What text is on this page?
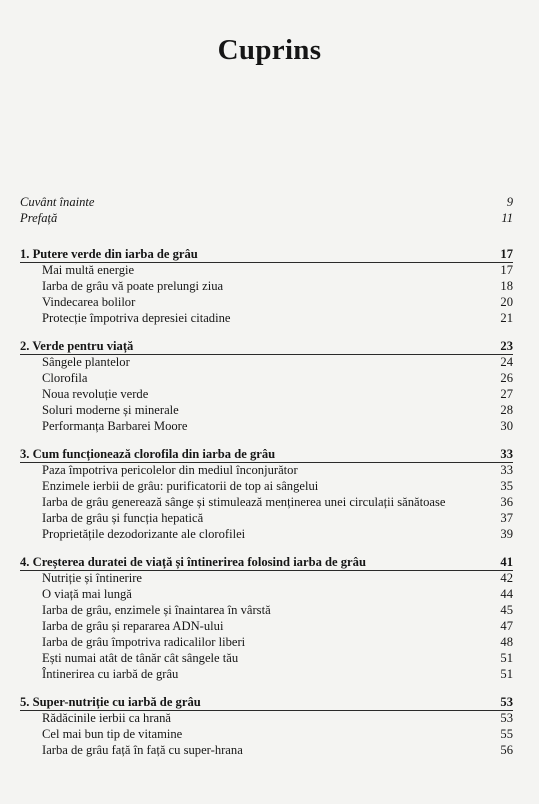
Cuprins
Cuvânt înainte	9
Prefață	11
1. Putere verde din iarba de grâu	17
Mai multă energie	17
Iarba de grâu vă poate prelungi ziua	18
Vindecarea bolilor	20
Protecție împotriva depresiei citadine	21
2. Verde pentru viață	23
Sângele plantelor	24
Clorofila	26
Noua revoluție verde	27
Soluri moderne și minerale	28
Performanța Barbarei Moore	30
3. Cum funcționează clorofila din iarba de grâu	33
Paza împotriva pericolelor din mediul înconjurător	33
Enzimele ierbii de grâu: purificatorii de top ai sângelui	35
Iarba de grâu generează sânge și stimulează menținerea unei circulații sănătoase	36
Iarba de grâu și funcția hepatică	37
Proprietățile dezodorizante ale clorofilei	39
4. Creșterea duratei de viață și întinerirea folosind iarba de grâu	41
Nutriție și întinerire	42
O viață mai lungă	44
Iarba de grâu, enzimele și înaintarea în vârstă	45
Iarba de grâu și repararea ADN-ului	47
Iarba de grâu împotriva radicalilor liberi	48
Ești numai atât de tânăr cât sângele tău	51
Întinerirea cu iarbă de grâu	51
5. Super-nutriție cu iarbă de grâu	53
Rădăcinile ierbii ca hrană	53
Cel mai bun tip de vitamine	55
Iarba de grâu față în față cu super-hrana	56
